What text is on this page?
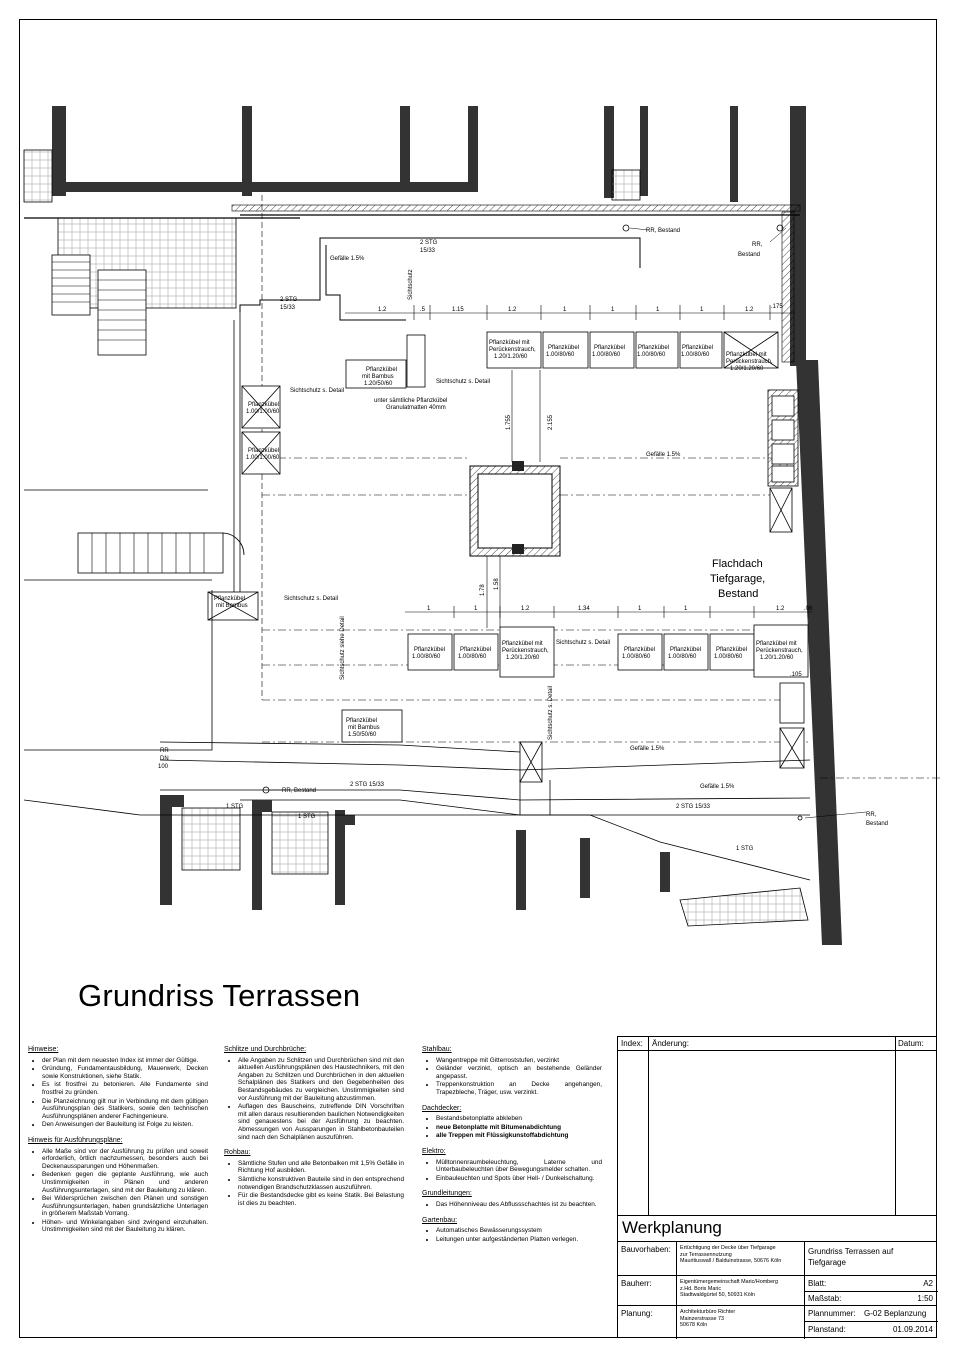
RR, Bestand
RR,
Bestand
2 STG
15/33
Gefälle 1.5%
2 STG
15/33
Sichtschutz
1.2	.5	1.15	1.2	1	1	1	1	1.2	.175
Pflanzkübel mit
Perückenstrauch,
1.20/1.20/60
Pflanzkübel
1.00/80/60
Pflanzkübel
1.00/80/60
Pflanzkübel
1.00/80/60
Pflanzkübel
1.00/80/60	Pflanzkübel mit
Perückenstrauch,
1.20/1.20/60
Pflanzkübel
mit Bambus
1.20/50/60	Sichtschutz s. Detail
Sichtschutz s. Detail
unter sämtliche Pflanzkübel
Granulatmatten 40mm
Pflanzkübel
1.00/1.00/60
Pflanzkübel
1.00/1.00/60
1.755	2.155
1.78
1.58
Gefälle 1.5%
Flachdach
Tiefgarage,
Bestand
Pflanzkübel
mit Bambus
Sichtschutz s. Detail
Sichtschutz siehe Detail
1	1	1.2	1.34	1	1	1.2	.08
Sichtschutz s. Detail
Pflanzkübel
1.00/80/60
Pflanzkübel
1.00/80/60
Pflanzkübel mit
Perückenstrauch,
1.20/1.20/60
Pflanzkübel
1.00/80/60
Pflanzkübel
1.00/80/60
Pflanzkübel
1.00/80/60
Pflanzkübel mit
Perückenstrauch,
1.20/1.20/60
.105
Sichtschutz s. Detail
Pflanzkübel
mit Bambus
1.50/50/60
Gefälle 1.5%
Gefälle 1.5%
RR
DN
100
RR, Bestand
2 STG 15/33
2 STG 15/33
1 STG
1 STG
1 STG
RR,
Bestand
Grundriss Terrassen
Hinweise:
• der Plan mit dem neuesten Index ist immer der Gültige.
• Gründung, Fundamentausbildung, Mauerwerk, Decken sowie Konstruktionen, siehe Statik.
• Es ist frostfrei zu betonieren. Alle Fundamente sind frostfrei zu gründen.
• Die Planzeichnung gilt nur in Verbindung mit dem gültigen Ausführungsplan des Statikers, sowie den technischen Ausführungsplänen anderer Fachingenieure.
• Den Anweisungen der Bauleitung ist Folge zu leisten.
Hinweis für Ausführungspläne:
• Alle Maße sind vor der Ausführung zu prüfen und soweit erforderlich, örtlich nachzumessen, besonders auch bei Deckenaussparungen und Höhenmaßen.
• Bedenken gegen die geplante Ausführung, wie auch Unstimmigkeiten in Plänen und anderen Ausführungsunterlagen, sind mit der Bauleitung zu klären.
• Bei Widersprüchen zwischen den Plänen und sonstigen Ausführungsunterlagen, haben grundsätzliche Unterlagen in größerem Maßstab Vorrang.
• Höhen- und Winkelangaben sind zwingend einzuhalten. Unstimmigkeiten sind mit der Bauleitung zu klären.
Schlitze und Durchbrüche:
• Alle Angaben zu Schlitzen und Durchbrüchen sind mit den aktuellen Ausführungsplänen des Haustechnikers, mit den Angaben zu Schlitzen und Durchbrüchen in den aktuellen Schalplänen des Statikers und den Gegebenheiten des Bestandsgebäudes zu vergleichen. Unstimmigkeiten sind vor Ausführung mit der Bauleitung abzustimmen.
• Auflagen des Bauscheins, zutreffende DIN Vorschriften mit allen daraus resultierenden baulichen Notwendigkeiten sind genauestens bei der Ausführung zu beachten. Abmessungen von Aussparungen in Stahlbetonbauteilen sind nach den Schalplänen auszuführen.
Rohbau:
• Sämtliche Stufen und alle Betonbalken mit 1,5% Gefälle in Richtung Hof ausbilden.
• Sämtliche konstruktiven Bauteile sind in den entsprechend notwendigen Brandschutzklassen auszuführen.
• Für die Bestandsdecke gibt es keine Statik. Bei Belastung ist dies zu beachten.
Stahlbau:
• Wangentreppe mit Gitterroststufen, verzinkt
• Geländer verzinkt, optisch an bestehende Geländer angepasst.
• Treppenkonstruktion an Decke angehangen, Trapezbleche, Träger, usw. verzinkt.
Dachdecker:
• Bestandsbetonplatte abkleben
• neue Betonplatte mit Bitumenabdichtung
• alle Treppen mit Flüssigkunstoffabdichtung
Elektro:
• Mülltonnenraumbeleuchtung, Laterne und Unterbaubeleuchten über Bewegungsmelder schalten.
• Einbauleuchten und Spots über Hell- / Dunkelschaltung.
Grundleitungen:
• Das Höhenniveau des Abflussschachtes ist zu beachten.
Gartenbau:
• Automatisches Bewässerungssystem
• Leitungen unter aufgeständerten Platten verlegen.
Index: Änderung:	Datum:
Werkplanung
Bauvorhaben: Ertüchtigung der Decke über Tiefgarage
zur Terrassennutzung
Mauritiuswall / Balduinstrasse, 50676 Köln
Grundriss Terrassen auf
Tiefgarage
Bauherr:	Eigentümergemeinschaft Maric/Homberg
z.Hd. Boris Maric
Stadtwaldgürtel 50, 50931 Köln
Blatt:	A2
Maßstab:	1:50
Planung:	Architekturbüro Richter
Mainzerstrasse 73
50678 Köln
Plannummer: G-02 Beplanzung
Planstand:	01.09.2014
